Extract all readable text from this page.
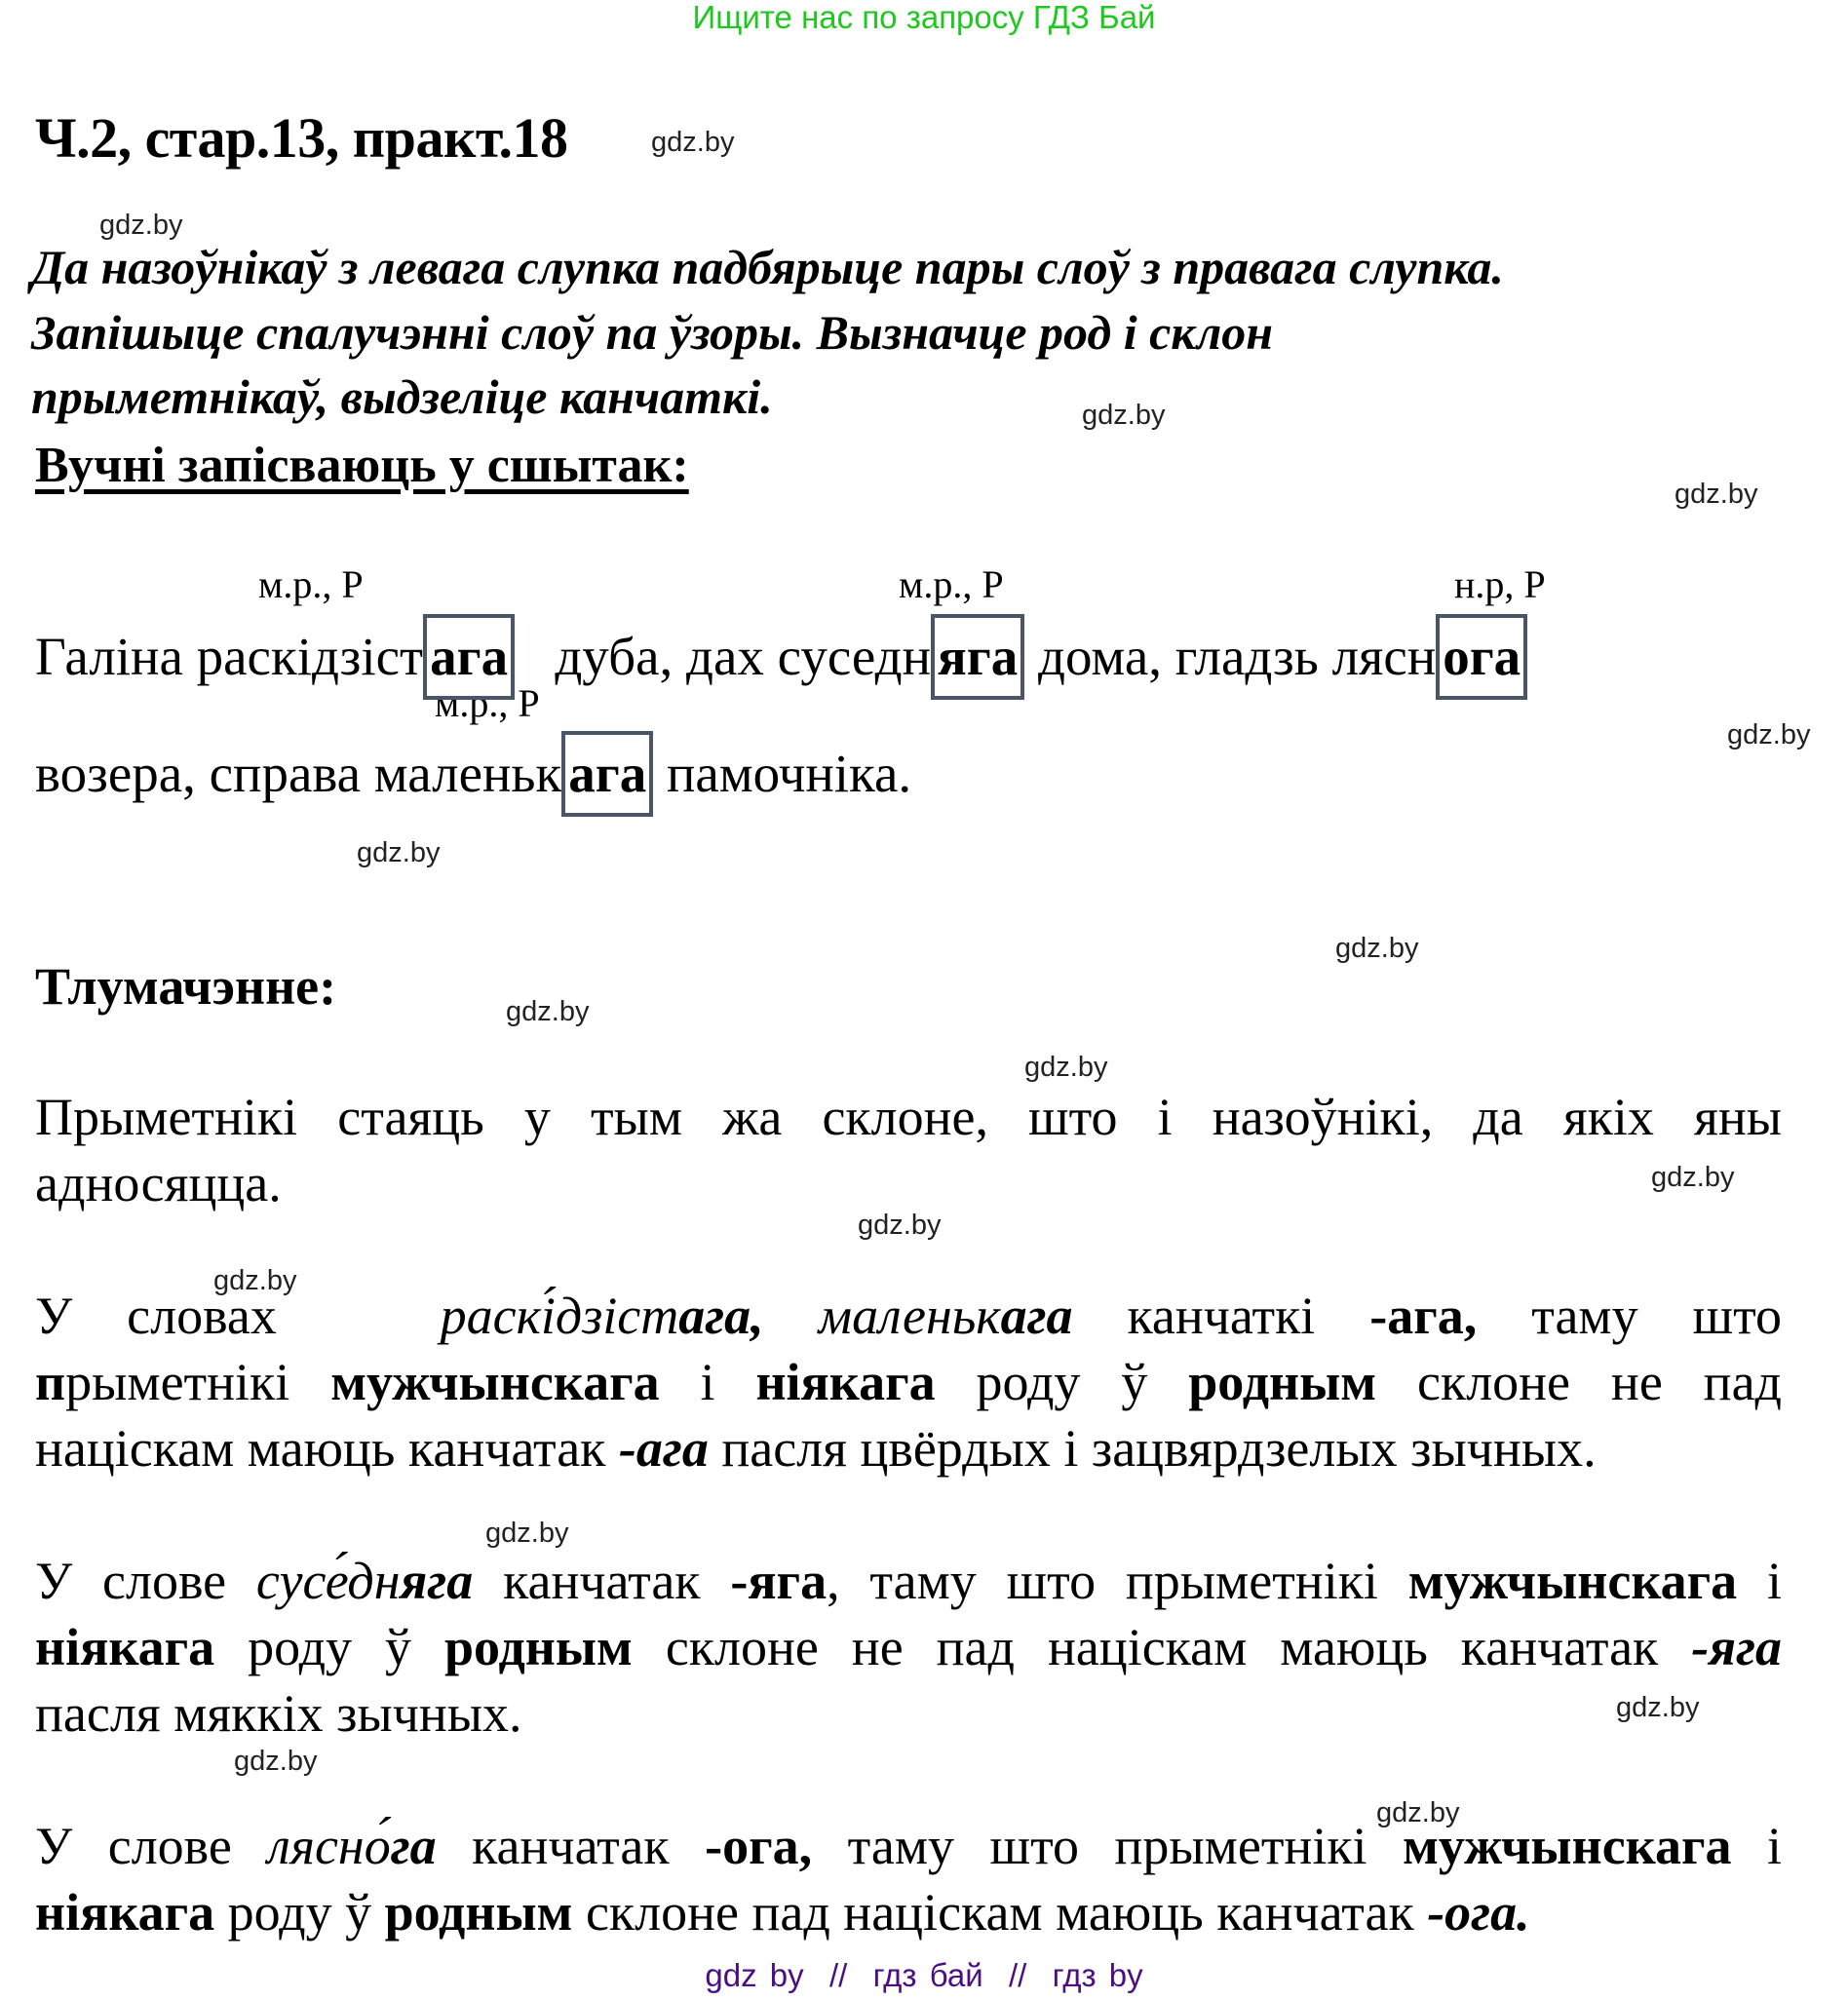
Ищите нас по запросу ГДЗ Бай
Ч.2, стар.13, практ.18
Да назоўнікаў з левага слупка падбярыце пары слоў з правага слупка.
Запішыце спалучэнні слоў па ўзоры. Вызначце род і склон
прыметнікаў, выдзеліце канчаткі.
Вучні запісваюць у сшытак:
м.р., Р	м.р., Р	н.р, Р
м.р., Р
Галіна раскідзіст ага   дуба, дах суседн яга дома, гладзь лясн ога
возера, справа маленьк ага памочніка.
Тлумачэнне:
Прыметнікі стаяць у тым жа склоне, што і назоўнікі, да якіх яны
адносяцца.
У словах	раскі́дзістага, маленькага канчаткі -ага, таму што
прыметнікі мужчынскага і ніякага роду ў родным склоне не пад
націскам маюць канчатак -ага пасля цвёрдых і зацвярдзелых зычных.
У слове сусе́дняга канчатак -яга, таму што прыметнікі мужчынскага і
ніякага роду ў родным склоне не пад націскам маюць канчатак -яга
пасля мяккіх зычных.
У слове лясно́га канчатак -ога, таму што прыметнікі мужчынскага і
ніякага роду ў родным склоне пад націскам маюць канчатак -ога.
gdz.by
gdz.by
gdz.by
gdz.by
gdz.by
gdz.by
gdz.by
gdz.by
gdz.by
gdz.by
gdz.by
gdz.by
gdz.by
gdz.by
gdz.by
gdz.by
gdz by  //  гдз бай  //  гдз by
